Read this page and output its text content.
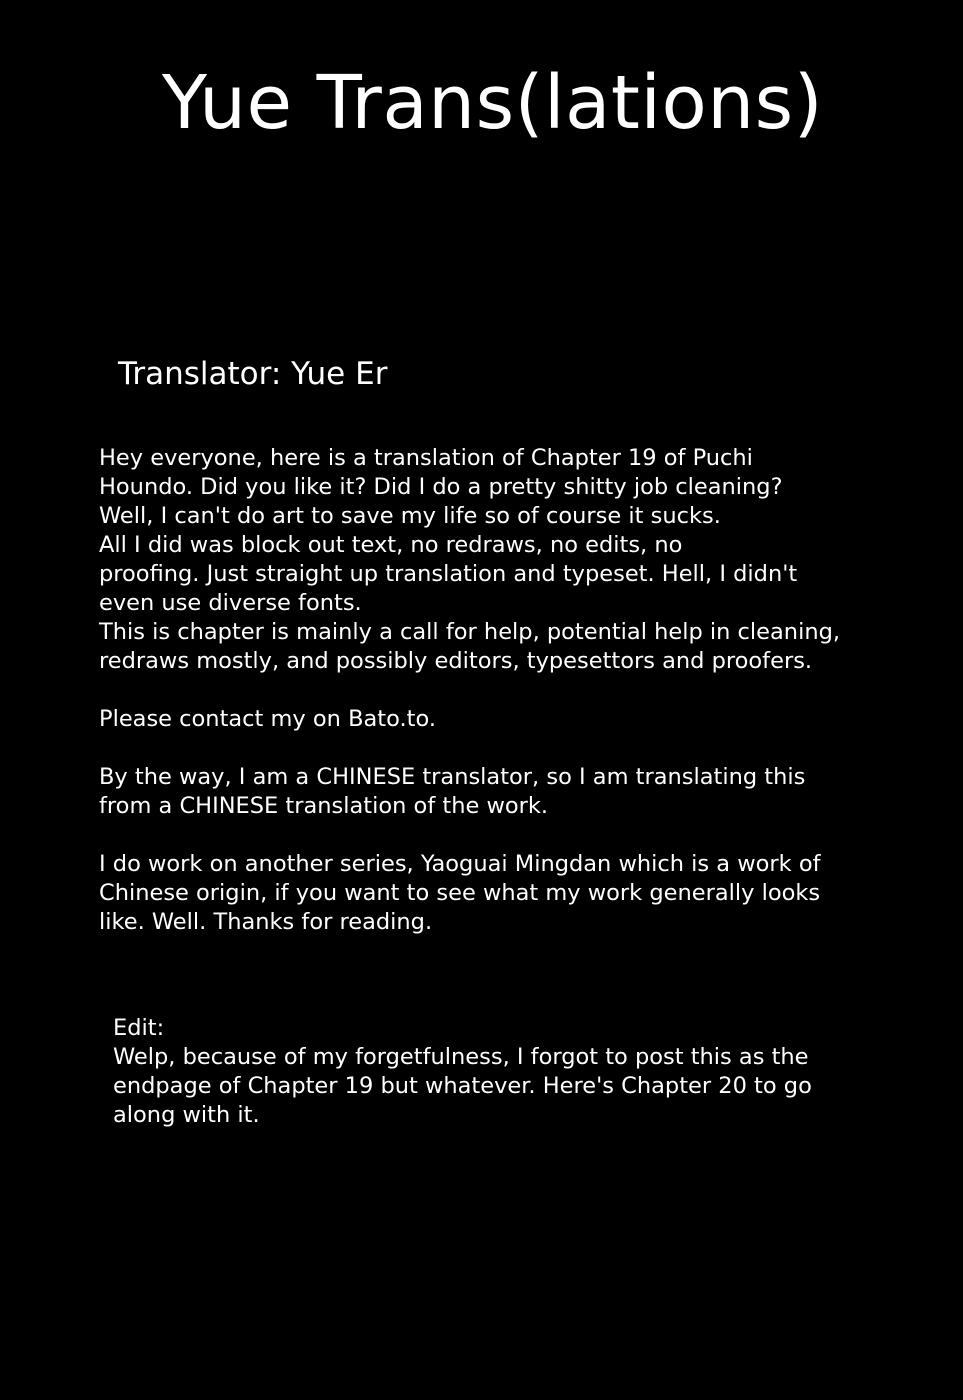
Yue Trans(lations)
Translator: Yue Er
Hey everyone, here is a translation of Chapter 19 of Puchi
Houndo. Did you like it? Did I do a pretty shitty job cleaning?
Well, I can't do art to save my life so of course it sucks.
All I did was block out text, no redraws, no edits, no
proofing. Just straight up translation and typeset. Hell, I didn't
even use diverse fonts.
This is chapter is mainly a call for help, potential help in cleaning,
redraws mostly, and possibly editors, typesettors and proofers.
Please contact my on Bato.to.
By the way, I am a CHINESE translator, so I am translating this
from a CHINESE translation of the work.
I do work on another series, Yaoguai Mingdan which is a work of
Chinese origin, if you want to see what my work generally looks
like. Well. Thanks for reading.
Edit:
Welp, because of my forgetfulness, I forgot to post this as the
endpage of Chapter 19 but whatever. Here's Chapter 20 to go
along with it.
